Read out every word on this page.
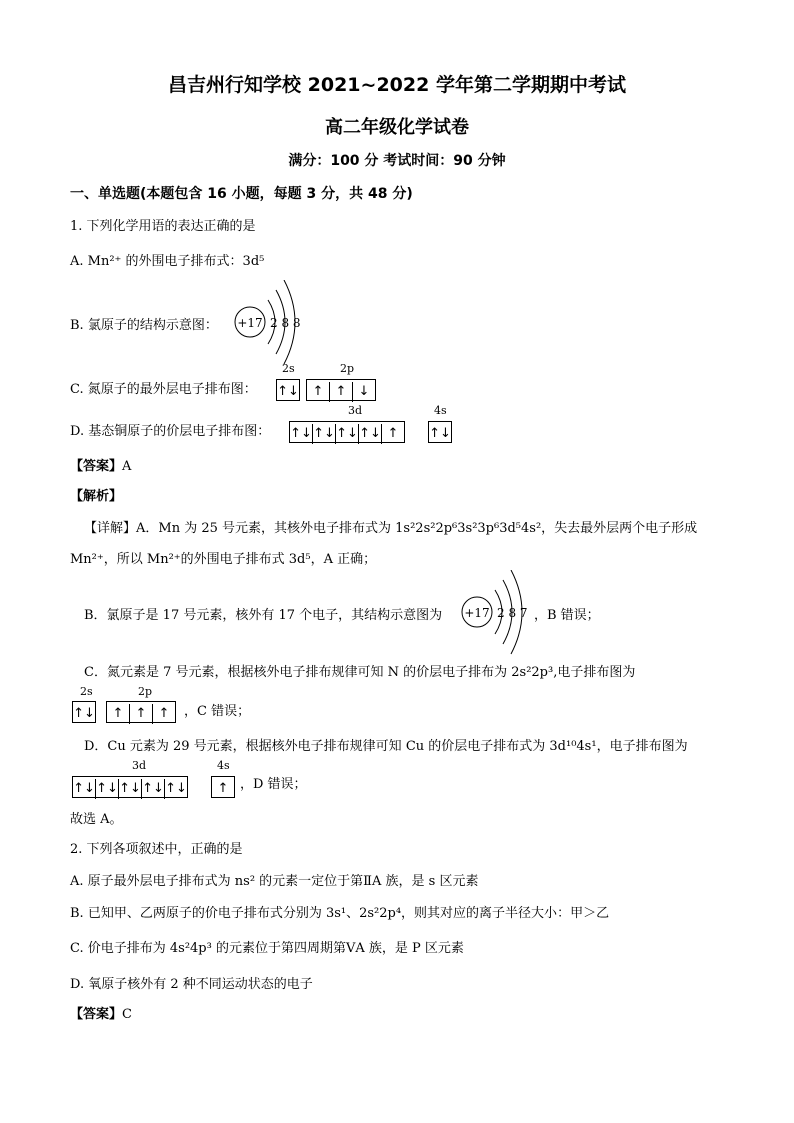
昌吉州行知学校 2021~2022 学年第二学期期中考试
高二年级化学试卷
满分：100 分 考试时间：90 分钟
一、单选题(本题包含 16 小题，每题 3 分，共 48 分)
1. 下列化学用语的表达正确的是
A. Mn²⁺ 的外围电子排布式：3d⁵
B. 氯原子的结构示意图： +17 2 8 8
C. 氮原子的最外层电子排布图：
2s	2p
↑↓	↑ ↑ ↓
D. 基态铜原子的价层电子排布图：
3d	4s
↑↓↑↓↑↓↑↓ ↑	↑↓
【答案】A
【解析】
【详解】A．Mn 为 25 号元素，其核外电子排布式为 1s²2s²2p⁶3s²3p⁶3d⁵4s²，失去最外层两个电子形成
Mn²⁺，所以 Mn²⁺的外围电子排布式 3d⁵，A 正确；
B．氯原子是 17 号元素，核外有 17 个电子，其结构示意图为 +17 2 8 7 ，B 错误；
C．氮元素是 7 号元素，根据核外电子排布规律可知 N 的价层电子排布为 2s²2p³,电子排布图为
2s	2p
↑↓	↑ ↑ ↑	，C 错误；
D．Cu 元素为 29 号元素，根据核外电子排布规律可知 Cu 的价层电子排布式为 3d¹⁰4s¹，电子排布图为
3d	4s
↑↓↑↓↑↓↑↓↑↓	↑ ，D 错误；
故选 A。
2. 下列各项叙述中，正确的是
A. 原子最外层电子排布式为 ns² 的元素一定位于第ⅡA 族，是 s 区元素
B. 已知甲、乙两原子的价电子排布式分别为 3s¹、2s²2p⁴，则其对应的离子半径大小：甲＞乙
C. 价电子排布为 4s²4p³ 的元素位于第四周期第ⅤA 族，是 P 区元素
D. 氧原子核外有 2 种不同运动状态的电子
【答案】C
